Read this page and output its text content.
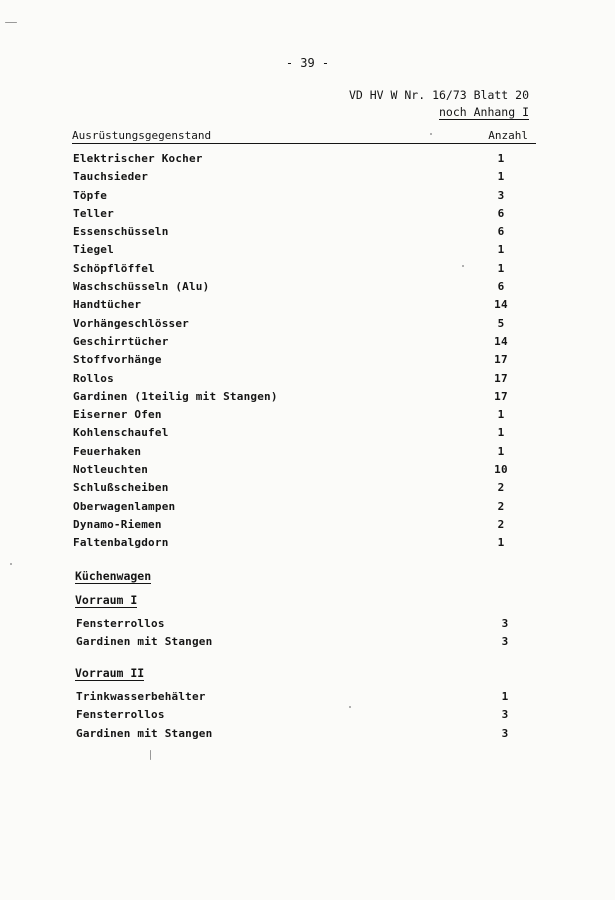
- 39 -
VD HV W Nr. 16/73 Blatt 20
noch Anhang I
Ausrüstungsgegenstand	Anzahl
Elektrischer Kocher	1
Tauchsieder	1
Töpfe	3
Teller	6
Essenschüsseln	6
Tiegel	1
Schöpflöffel	1
Waschschüsseln (Alu)	6
Handtücher	14
Vorhängeschlösser	5
Geschirrtücher	14
Stoffvorhänge	17
Rollos	17
Gardinen (1teilig mit Stangen)	17
Eiserner Ofen	1
Kohlenschaufel	1
Feuerhaken	1
Notleuchten	10
Schlußscheiben	2
Oberwagenlampen	2
Dynamo-Riemen	2
Faltenbalgdorn	1
Küchenwagen
Vorraum I
Fensterrollos	3
Gardinen mit Stangen	3
Vorraum II
Trinkwasserbehälter	1
Fensterrollos	3
Gardinen mit Stangen	3
